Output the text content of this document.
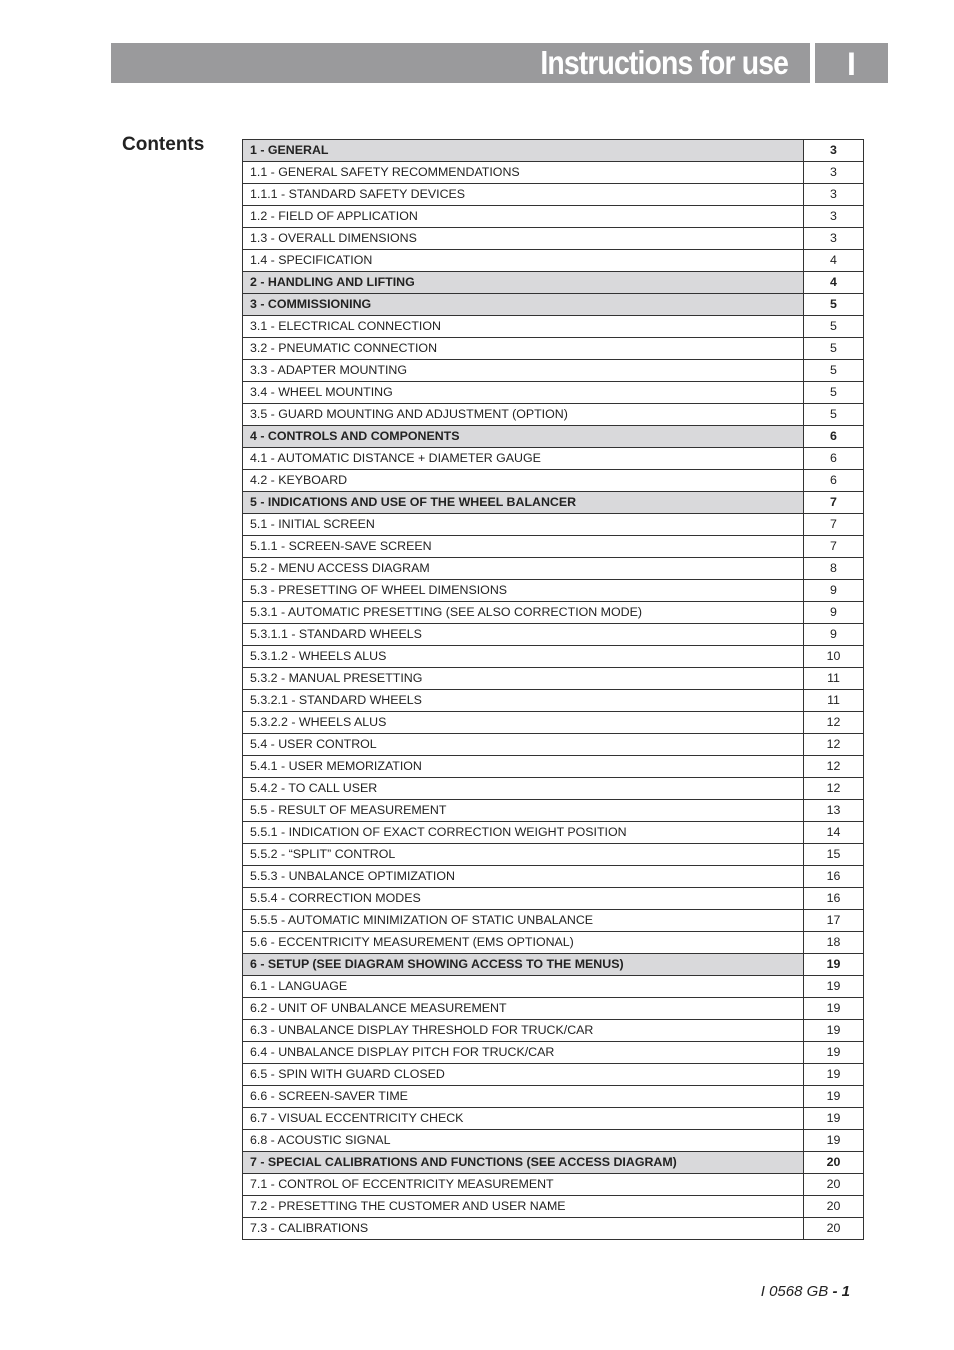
Instructions for use	I
Contents	1 - GENERAL	3
1.1 - GENERAL SAFETY RECOMMENDATIONS	3
1.1.1 - STANDARD SAFETY DEVICES	3
1.2 - FIELD OF APPLICATION	3
1.3 - OVERALL DIMENSIONS	3
1.4 - SPECIFICATION	4
2 - HANDLING AND LIFTING	4
3 - COMMISSIONING	5
3.1 - ELECTRICAL CONNECTION	5
3.2 - PNEUMATIC CONNECTION	5
3.3 - ADAPTER MOUNTING	5
3.4 - WHEEL MOUNTING	5
3.5 - GUARD MOUNTING AND ADJUSTMENT (OPTION)	5
4 - CONTROLS AND COMPONENTS	6
4.1 - AUTOMATIC DISTANCE + DIAMETER GAUGE	6
4.2 - KEYBOARD	6
5 - INDICATIONS AND USE OF THE WHEEL BALANCER	7
5.1 - INITIAL SCREEN	7
5.1.1 - SCREEN-SAVE SCREEN	7
5.2 - MENU ACCESS DIAGRAM	8
5.3 - PRESETTING OF WHEEL DIMENSIONS	9
5.3.1 - AUTOMATIC PRESETTING (SEE ALSO CORRECTION MODE)	9
5.3.1.1 - STANDARD WHEELS	9
5.3.1.2 - WHEELS ALUS	10
5.3.2 - MANUAL PRESETTING	11
5.3.2.1 - STANDARD WHEELS	11
5.3.2.2 - WHEELS ALUS	12
5.4 - USER CONTROL	12
5.4.1 - USER MEMORIZATION	12
5.4.2 - TO CALL USER	12
5.5 - RESULT OF MEASUREMENT	13
5.5.1 - INDICATION OF EXACT CORRECTION WEIGHT POSITION	14
5.5.2 - “SPLIT” CONTROL	15
5.5.3 - UNBALANCE OPTIMIZATION	16
5.5.4 - CORRECTION MODES	16
5.5.5 - AUTOMATIC MINIMIZATION OF STATIC UNBALANCE	17
5.6 - ECCENTRICITY MEASUREMENT (EMS OPTIONAL)	18
6 - SETUP (SEE DIAGRAM SHOWING ACCESS TO THE MENUS)	19
6.1 - LANGUAGE	19
6.2 - UNIT OF UNBALANCE MEASUREMENT	19
6.3 - UNBALANCE DISPLAY THRESHOLD FOR TRUCK/CAR	19
6.4 - UNBALANCE DISPLAY PITCH FOR TRUCK/CAR	19
6.5 - SPIN WITH GUARD CLOSED	19
6.6 - SCREEN-SAVER TIME	19
6.7 - VISUAL ECCENTRICITY CHECK	19
6.8 - ACOUSTIC SIGNAL	19
7 - SPECIAL CALIBRATIONS AND FUNCTIONS (SEE ACCESS DIAGRAM)	20
7.1 - CONTROL OF ECCENTRICITY MEASUREMENT	20
7.2 - PRESETTING THE CUSTOMER AND USER NAME	20
7.3 - CALIBRATIONS	20
I 0568 GB - 1
